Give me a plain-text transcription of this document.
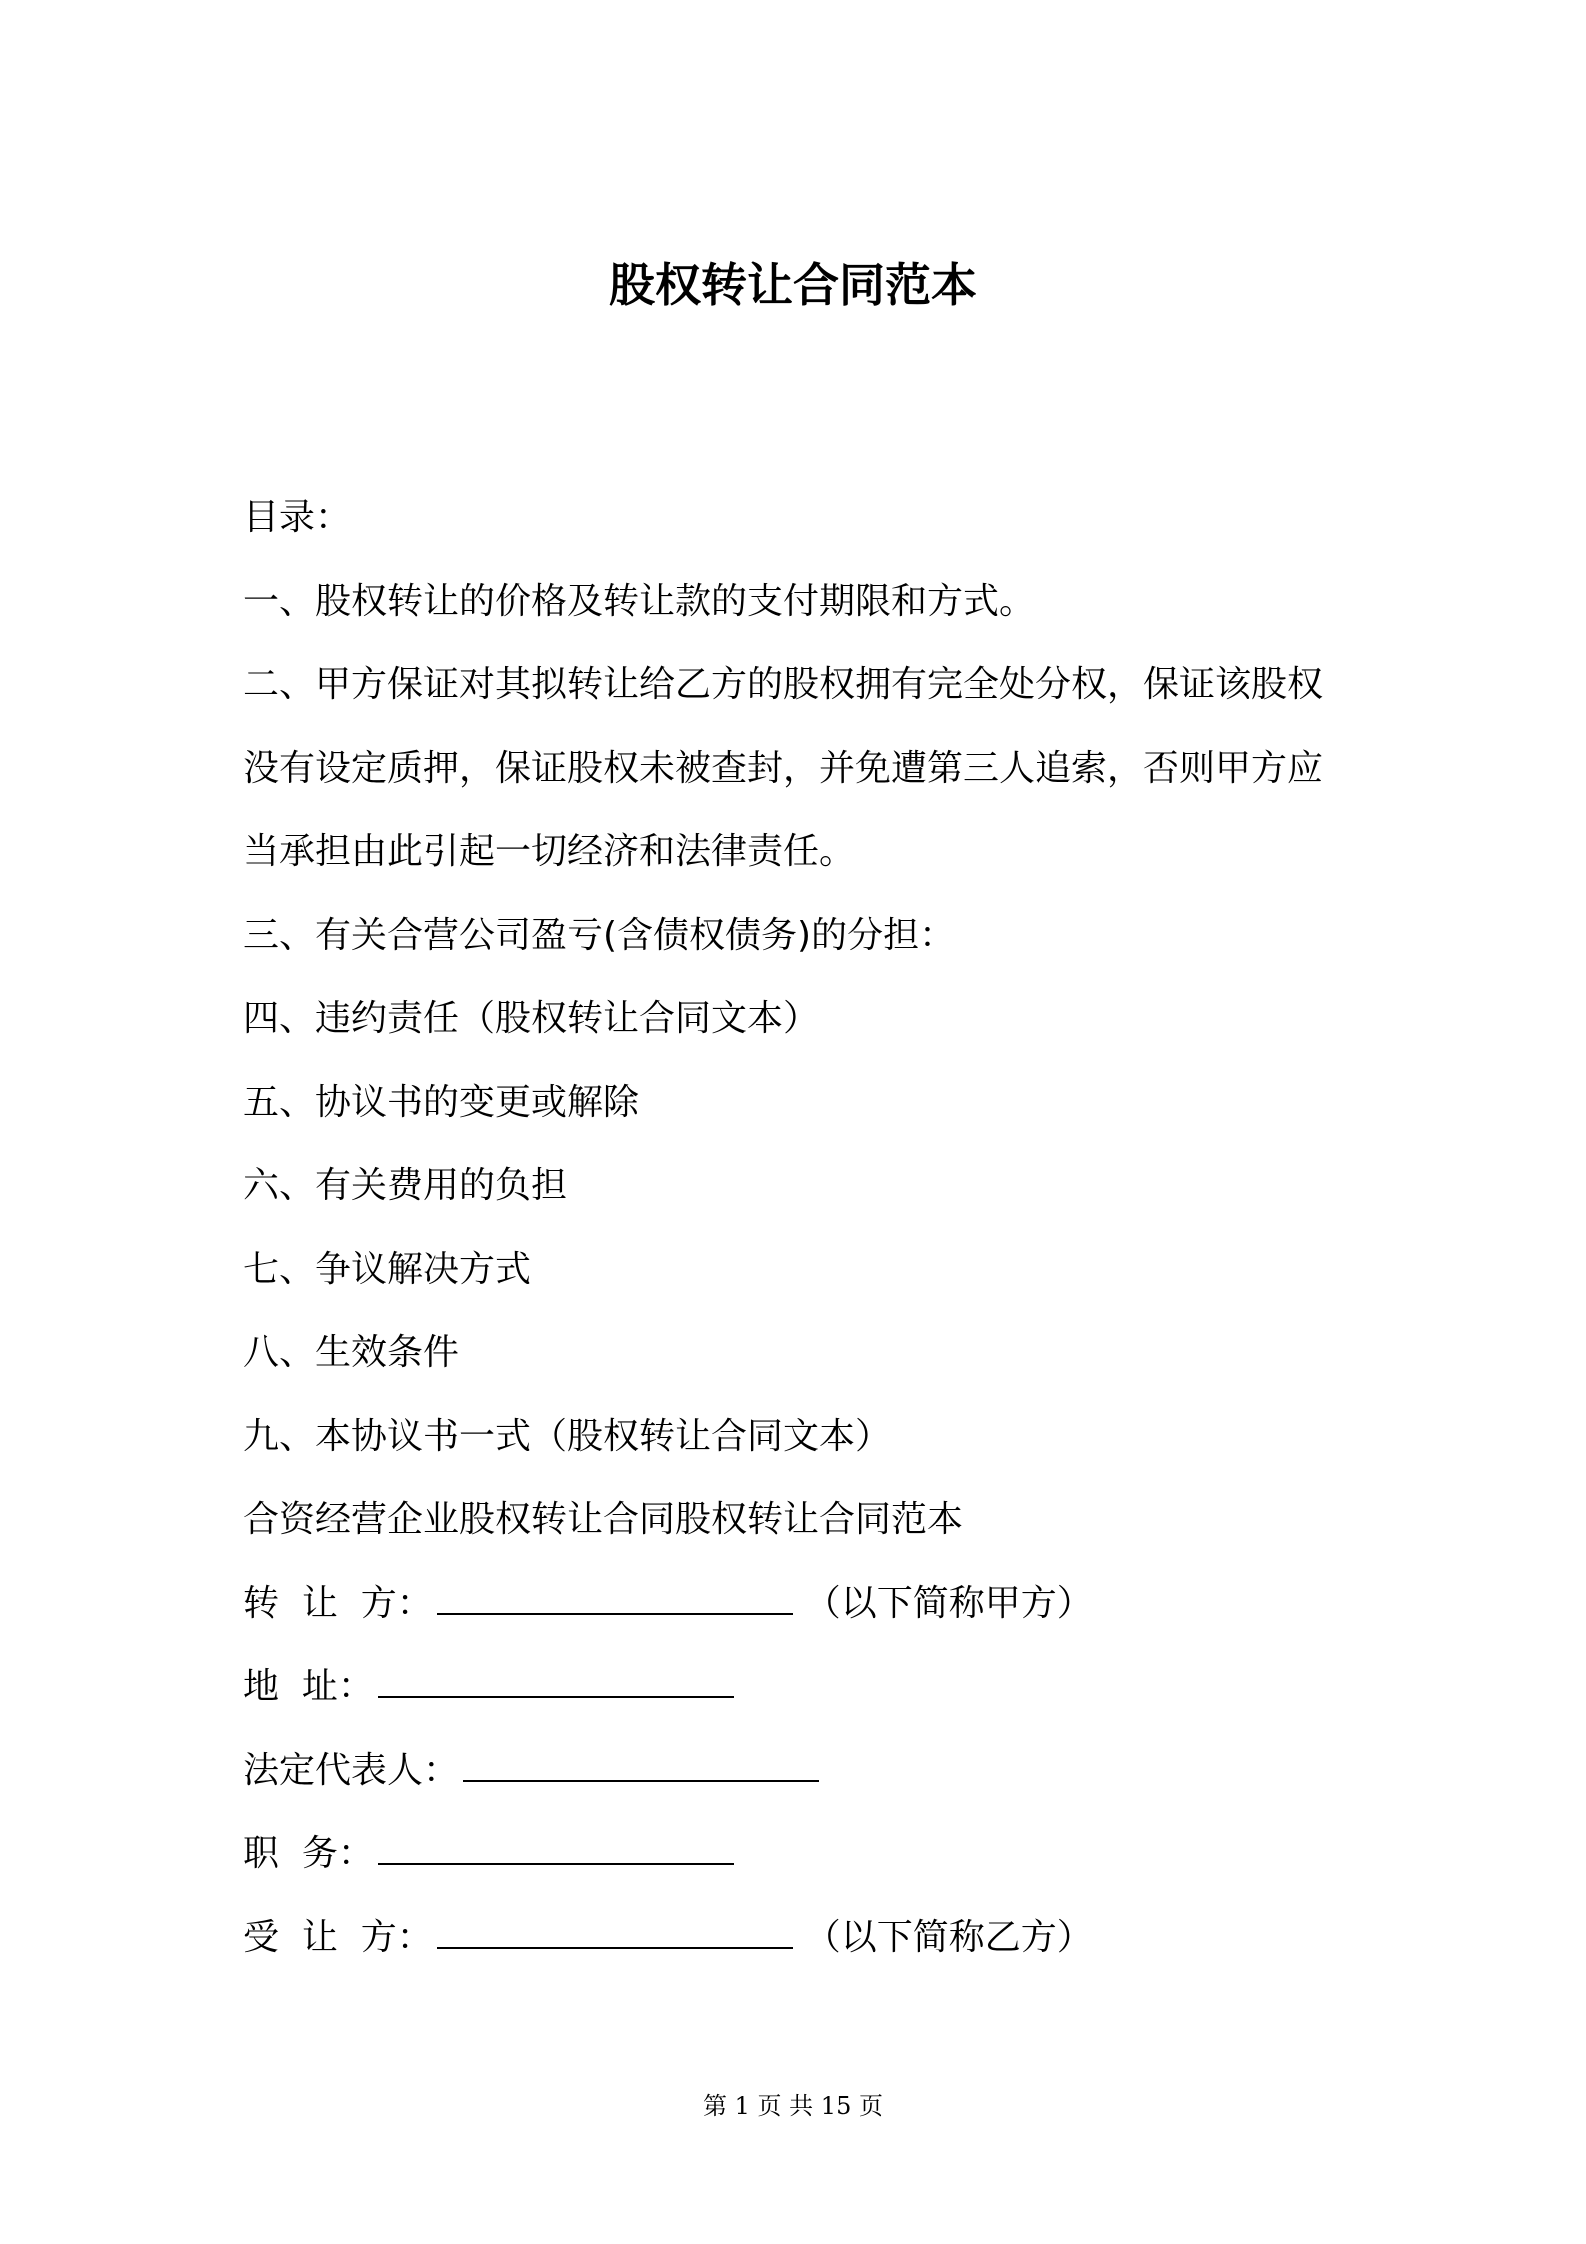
股权转让合同范本
目录：
一、股权转让的价格及转让款的支付期限和方式。
二、甲方保证对其拟转让给乙方的股权拥有完全处分权，保证该股权
没有设定质押，保证股权未被查封，并免遭第三人追索，否则甲方应
当承担由此引起一切经济和法律责任。
三、有关合营公司盈亏(含债权债务)的分担：
四、违约责任（股权转让合同文本）
五、协议书的变更或解除
六、有关费用的负担
七、争议解决方式
八、生效条件
九、本协议书一式（股权转让合同文本）
合资经营企业股权转让合同股权转让合同范本
转  让  方：	（以下简称甲方）
地  址：
法定代表人：
职  务：
受  让  方：	（以下简称乙方）
第 1 页 共 15 页
